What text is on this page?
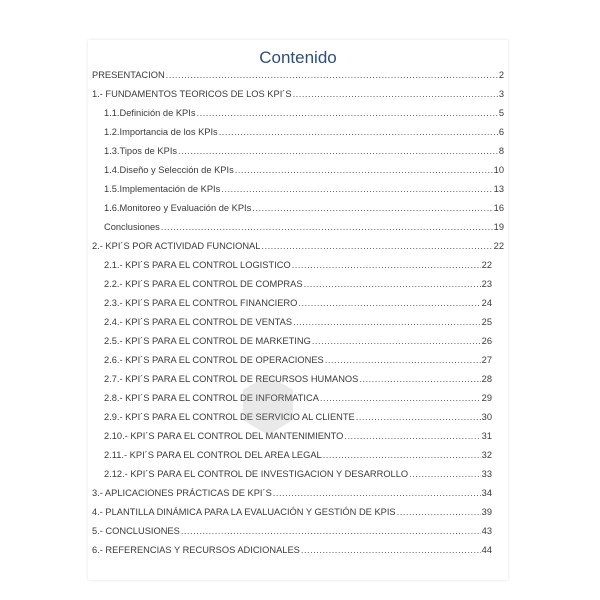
Contenido
PRESENTACION .....	2
1.- FUNDAMENTOS TEORICOS DE LOS KPI´S .....	3
1.1. Definición de KPIs .....	5
1.2. Importancia de los KPIs .....	6
1.3. Tipos de KPIs .....	8
1.4. Diseño y Selección de KPIs .....	10
1.5. Implementación de KPIs .....	13
1.6. Monitoreo y Evaluación de KPIs .....	16
Conclusiones .....	19
2.- KPI´S POR ACTIVIDAD FUNCIONAL .....	22
2.1.- KPI´S PARA EL CONTROL LOGISTICO .....	22
2.2.- KPI´S PARA EL CONTROL DE COMPRAS .....	23
2.3.- KPI´S PARA EL CONTROL FINANCIERO .....	24
2.4.- KPI´S PARA EL CONTROL DE VENTAS .....	25
2.5.- KPI´S PARA EL CONTROL DE MARKETING .....	26
2.6.- KPI´S PARA EL CONTROL DE OPERACIONES .....	27
2.7.- KPI´S PARA EL CONTROL DE RECURSOS HUMANOS .....	28
2.8.- KPI´S PARA EL CONTROL DE INFORMATICA .....	29
2.9.- KPI´S PARA EL CONTROL DE SERVICIO AL CLIENTE .....	30
2.10.- KPI´S PARA EL CONTROL DEL MANTENIMIENTO .....	31
2.11.- KPI´S PARA EL CONTROL DEL AREA LEGAL .....	32
2.12.- KPI´S PARA EL CONTROL DE INVESTIGACION Y DESARROLLO .....	33
3.- APLICACIONES PRÁCTICAS DE KPI´S .....	34
4.- PLANTILLA DINÁMICA PARA LA EVALUACIÓN Y GESTIÓN DE KPIS .....	39
5.- CONCLUSIONES .....	43
6.- REFERENCIAS Y RECURSOS ADICIONALES .....	44
